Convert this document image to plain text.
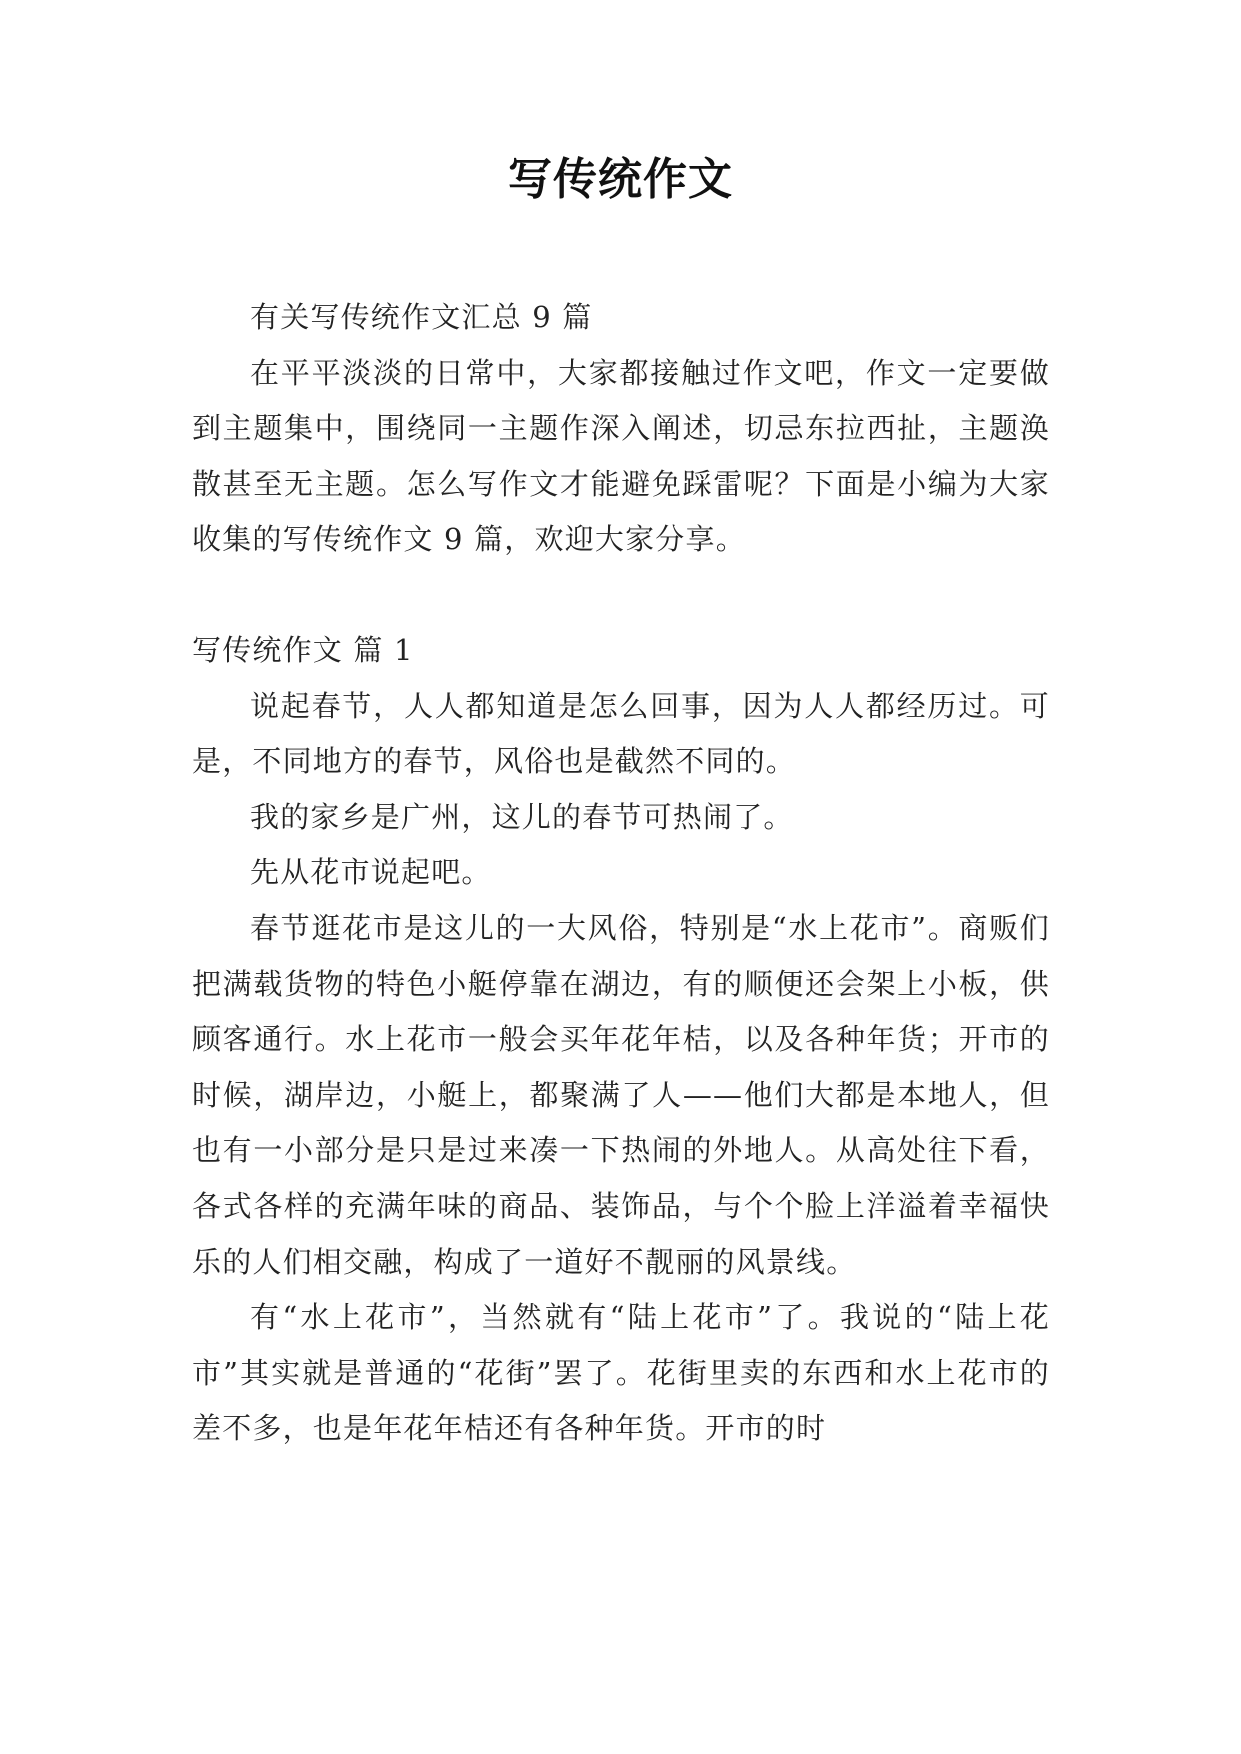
写传统作文

有关写传统作文汇总 9 篇

在平平淡淡的日常中，大家都接触过作文吧，作文一定要做到主题集中，围绕同一主题作深入阐述，切忌东拉西扯，主题涣散甚至无主题。怎么写作文才能避免踩雷呢？下面是小编为大家收集的写传统作文 9 篇，欢迎大家分享。

写传统作文 篇 1

说起春节，人人都知道是怎么回事，因为人人都经历过。可是，不同地方的春节，风俗也是截然不同的。

我的家乡是广州，这儿的春节可热闹了。

先从花市说起吧。

春节逛花市是这儿的一大风俗，特别是“水上花市”。商贩们把满载货物的特色小艇停靠在湖边，有的顺便还会架上小板，供顾客通行。水上花市一般会买年花年桔，以及各种年货；开市的时候，湖岸边，小艇上，都聚满了人——他们大都是本地人，但也有一小部分是只是过来凑一下热闹的外地人。从高处往下看，各式各样的充满年味的商品、装饰品，与个个脸上洋溢着幸福快乐的人们相交融，构成了一道好不靓丽的风景线。

有“水上花市”，当然就有“陆上花市”了。我说的“陆上花市”其实就是普通的“花街”罢了。花街里卖的东西和水上花市的差不多，也是年花年桔还有各种年货。开市的时
